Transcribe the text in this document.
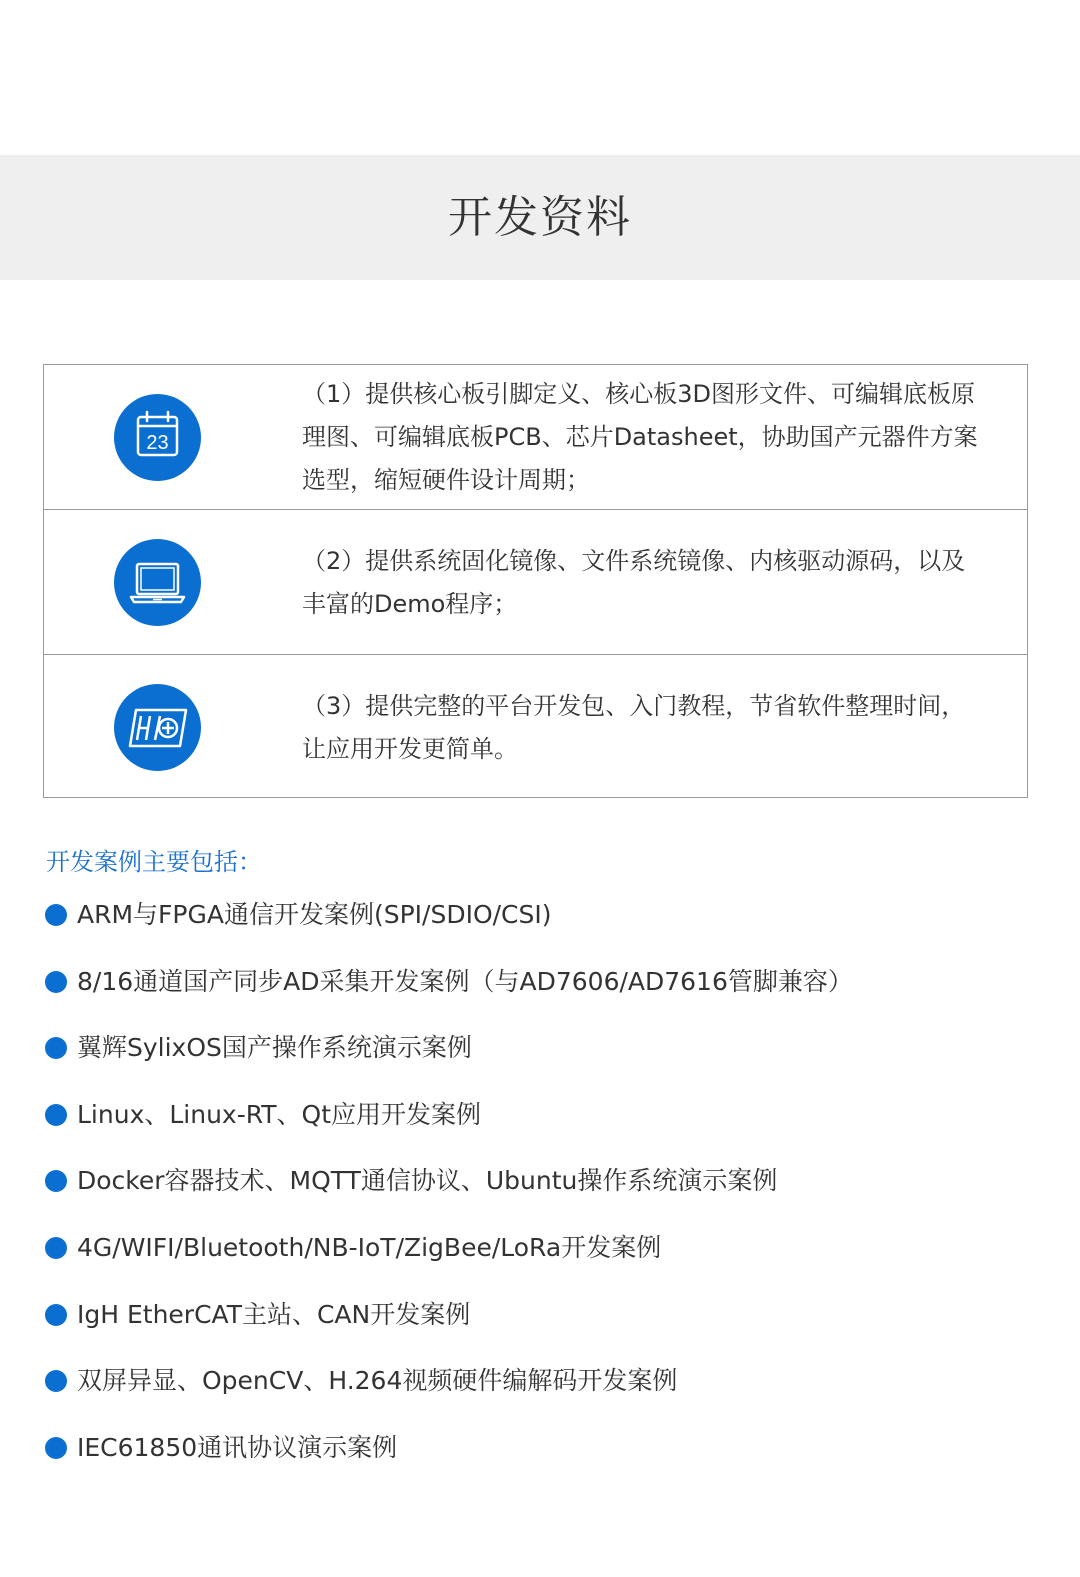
开发资料
23
（1）提供核心板引脚定义、核心板3D图形文件、可编辑底板原理图、可编辑底板PCB、芯片Datasheet，协助国产元器件方案选型，缩短硬件设计周期；
（2）提供系统固化镜像、文件系统镜像、内核驱动源码，以及丰富的Demo程序；
（3）提供完整的平台开发包、入门教程，节省软件整理时间，让应用开发更简单。
开发案例主要包括：
ARM与FPGA通信开发案例(SPI/SDIO/CSI)
8/16通道国产同步AD采集开发案例（与AD7606/AD7616管脚兼容）
翼辉SylixOS国产操作系统演示案例
Linux、Linux-RT、Qt应用开发案例
Docker容器技术、MQTT通信协议、Ubuntu操作系统演示案例
4G/WIFI/Bluetooth/NB-IoT/ZigBee/LoRa开发案例
IgH EtherCAT主站、CAN开发案例
双屏异显、OpenCV、H.264视频硬件编解码开发案例
IEC61850通讯协议演示案例
